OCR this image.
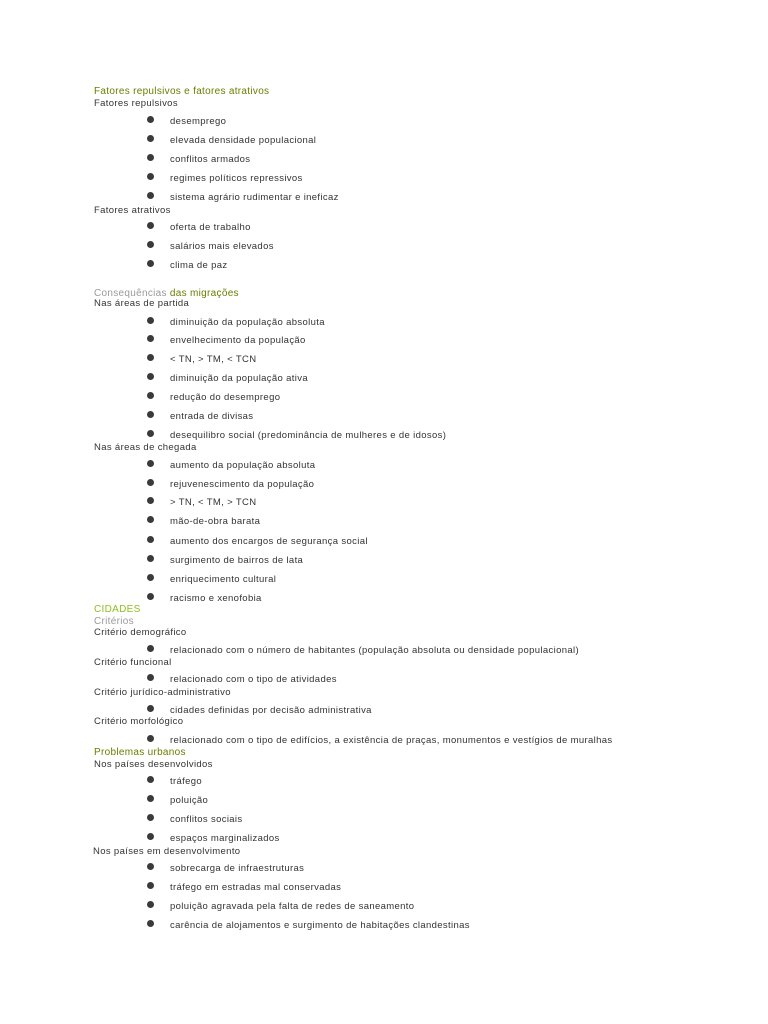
Fatores repulsivos e fatores atrativos
Fatores repulsivos
desemprego
elevada densidade populacional
conflitos armados
regimes políticos repressivos
sistema agrário rudimentar e ineficaz
Fatores atrativos
oferta de trabalho
salários mais elevados
clima de paz
Consequências das migrações
Nas áreas de partida
diminuição da população absoluta
envelhecimento da população
< TN, > TM, < TCN
diminuição da população ativa
redução do desemprego
entrada de divisas
desequilibro social (predominância de mulheres e de idosos)
Nas áreas de chegada
aumento da população absoluta
rejuvenescimento da população
> TN, < TM, > TCN
mão-de-obra barata
aumento dos encargos de segurança social
surgimento de bairros de lata
enriquecimento cultural
racismo e xenofobia
CIDADES
Critérios
Critério demográfico
relacionado com o número de habitantes (população absoluta ou densidade populacional)
Critério funcional
relacionado com o tipo de atividades
Critério jurídico-administrativo
cidades definidas por decisão administrativa
Critério morfológico
relacionado com o tipo de edifícios, a existência de praças, monumentos e vestígios de muralhas
Problemas urbanos
Nos países desenvolvidos
tráfego
poluição
conflitos sociais
espaços marginalizados
Nos países em desenvolvimento
sobrecarga de infraestruturas
tráfego em estradas mal conservadas
poluição agravada pela falta de redes de saneamento
carência de alojamentos e surgimento de habitações clandestinas
